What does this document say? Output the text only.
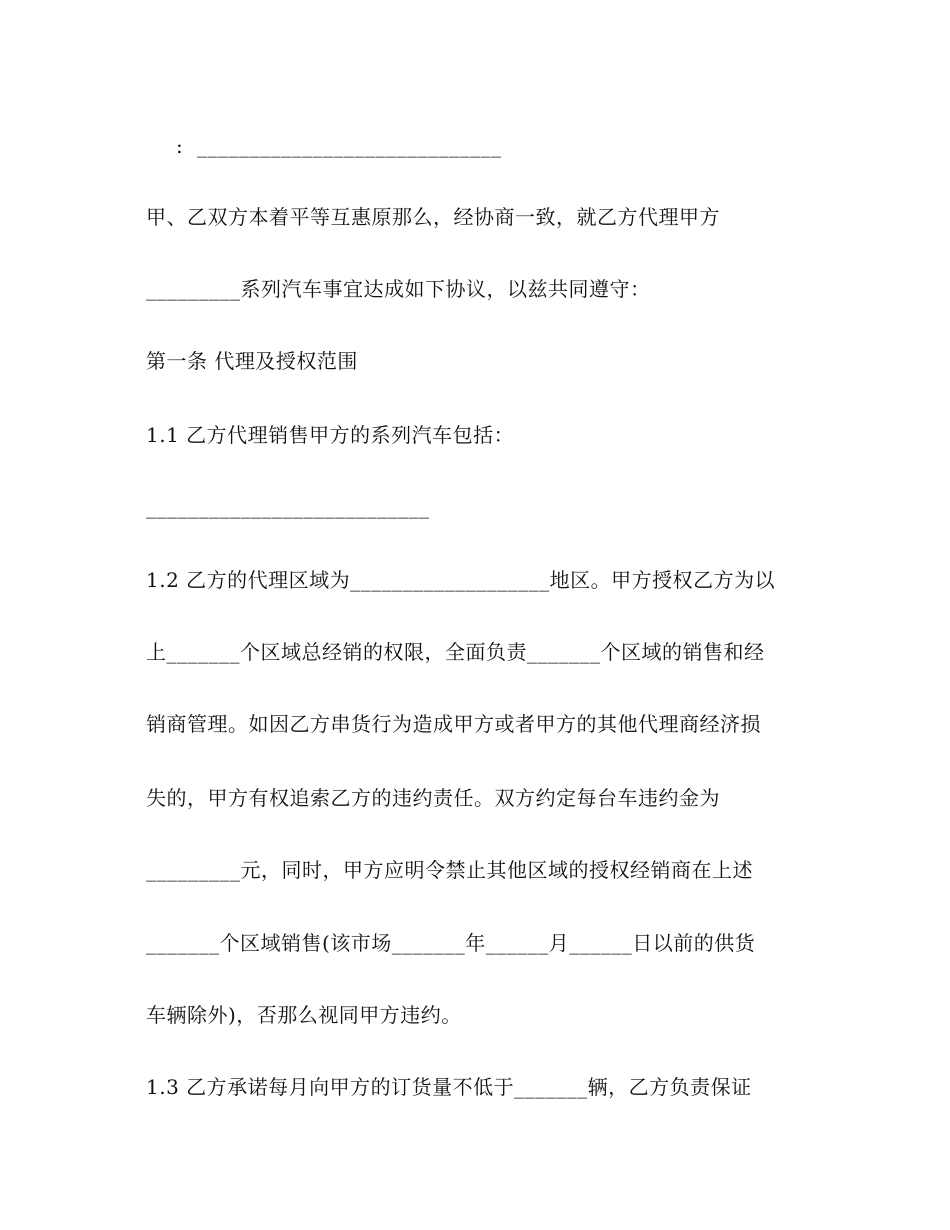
:  _____________________________
甲、乙双方本着平等互惠原那么，经协商一致，就乙方代理甲方
_________系列汽车事宜达成如下协议，以兹共同遵守：
第一条 代理及授权范围
1.1 乙方代理销售甲方的系列汽车包括：
___________________________
1.2 乙方的代理区域为___________________地区。甲方授权乙方为以
上_______个区域总经销的权限，全面负责_______个区域的销售和经
销商管理。如因乙方串货行为造成甲方或者甲方的其他代理商经济损
失的，甲方有权追索乙方的违约责任。双方约定每台车违约金为
_________元，同时，甲方应明令禁止其他区域的授权经销商在上述
_______个区域销售(该市场_______年______月______日以前的供货
车辆除外)，否那么视同甲方违约。
1.3 乙方承诺每月向甲方的订货量不低于_______辆，乙方负责保证
